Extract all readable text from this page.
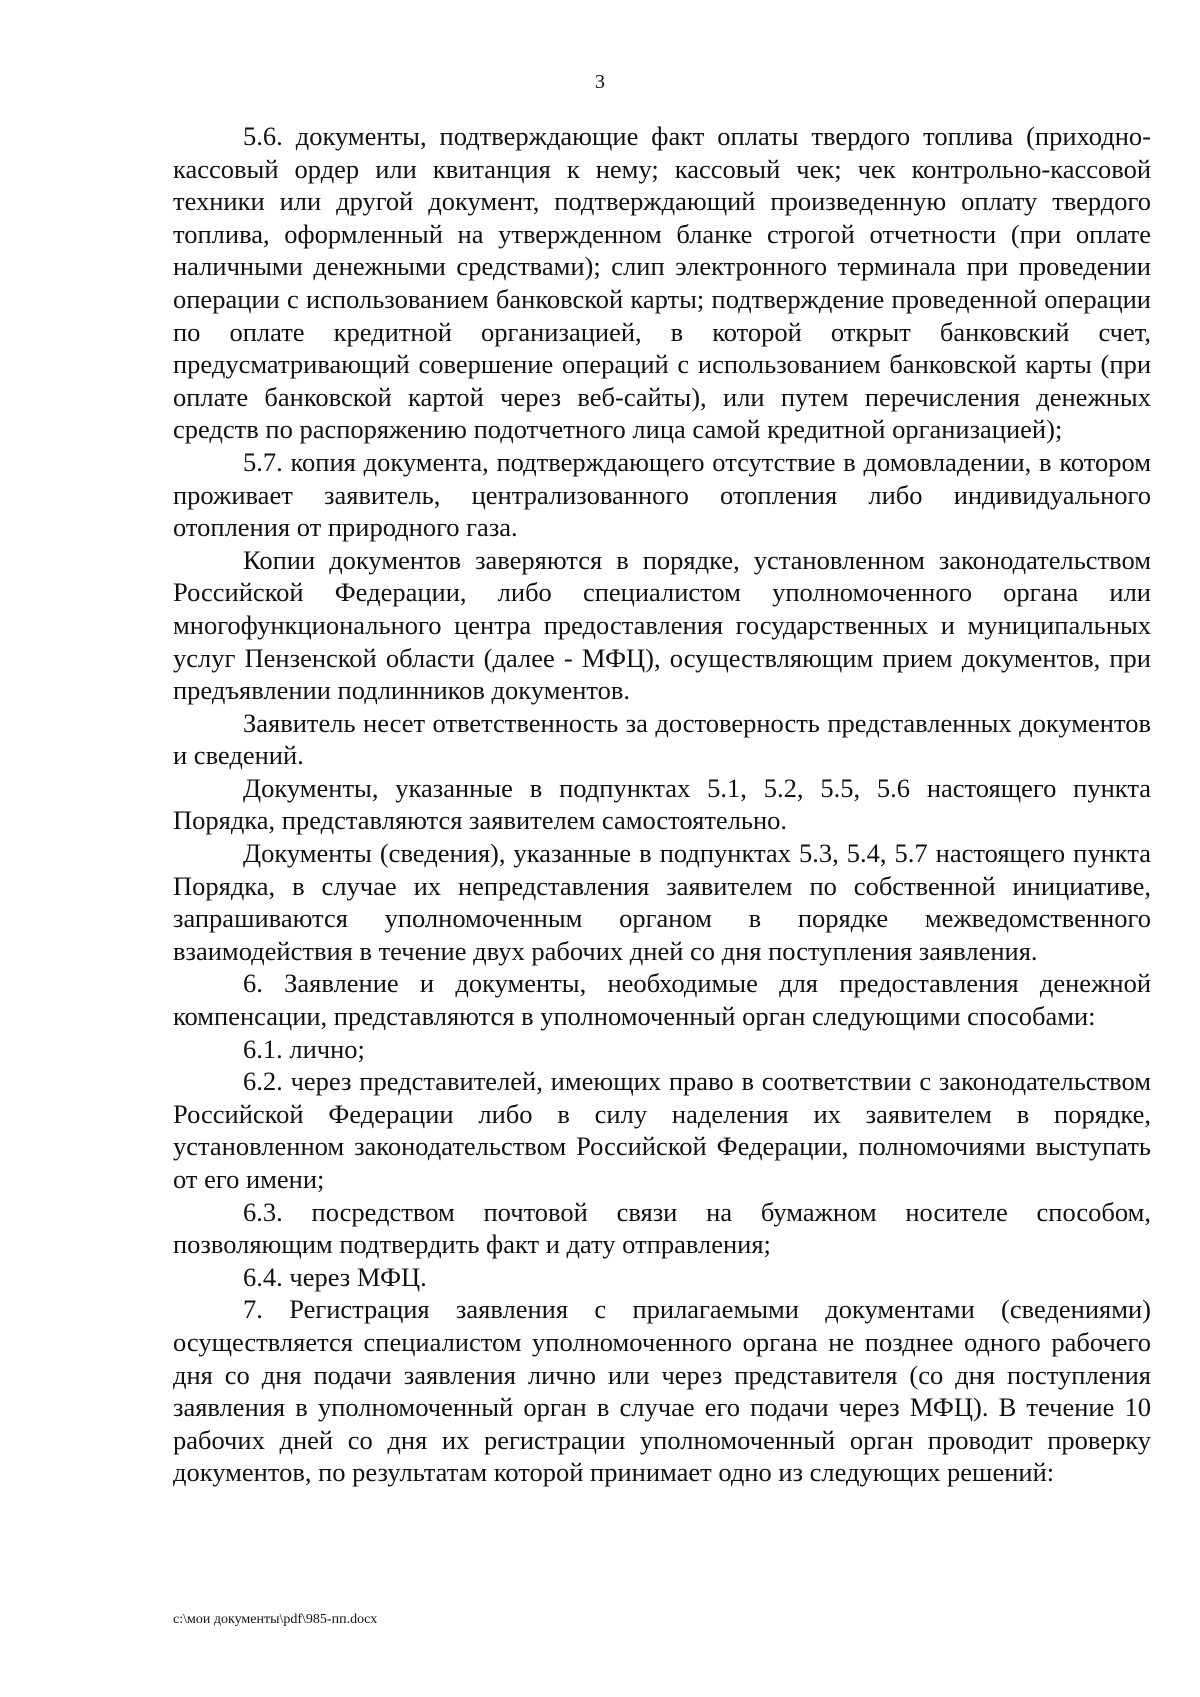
3

5.6. документы, подтверждающие факт оплаты твердого топлива (приходно-кассовый ордер или квитанция к нему; кассовый чек; чек контрольно-кассовой техники или другой документ, подтверждающий произведенную оплату твердого топлива, оформленный на утвержденном бланке строгой отчетности (при оплате наличными денежными средствами); слип электронного терминала при проведении операции с использованием банковской карты; подтверждение проведенной операции по оплате кредитной организацией, в которой открыт банковский счет, предусматривающий совершение операций с использованием банковской карты (при оплате банковской картой через веб-сайты), или путем перечисления денежных средств по распоряжению подотчетного лица самой кредитной организацией);

5.7. копия документа, подтверждающего отсутствие в домовладении, в котором проживает заявитель, централизованного отопления либо индивидуального отопления от природного газа.

Копии документов заверяются в порядке, установленном законодательством Российской Федерации, либо специалистом уполномоченного органа или многофункционального центра предоставления государственных и муниципальных услуг Пензенской области (далее - МФЦ), осуществляющим прием документов, при предъявлении подлинников документов.

Заявитель несет ответственность за достоверность представленных документов и сведений.

Документы, указанные в подпунктах 5.1, 5.2, 5.5, 5.6 настоящего пункта Порядка, представляются заявителем самостоятельно.

Документы (сведения), указанные в подпунктах 5.3, 5.4, 5.7 настоящего пункта Порядка, в случае их непредставления заявителем по собственной инициативе, запрашиваются уполномоченным органом в порядке межведомственного взаимодействия в течение двух рабочих дней со дня поступления заявления.

6. Заявление и документы, необходимые для предоставления денежной компенсации, представляются в уполномоченный орган следующими способами:

6.1. лично;

6.2. через представителей, имеющих право в соответствии с законодательством Российской Федерации либо в силу наделения их заявителем в порядке, установленном законодательством Российской Федерации, полномочиями выступать от его имени;

6.3. посредством почтовой связи на бумажном носителе способом, позволяющим подтвердить факт и дату отправления;

6.4. через МФЦ.

7. Регистрация заявления с прилагаемыми документами (сведениями) осуществляется специалистом уполномоченного органа не позднее одного рабочего дня со дня подачи заявления лично или через представителя (со дня поступления заявления в уполномоченный орган в случае его подачи через МФЦ). В течение 10 рабочих дней со дня их регистрации уполномоченный орган проводит проверку документов, по результатам которой принимает одно из следующих решений:

c:\мои документы\pdf\985-пп.docx
